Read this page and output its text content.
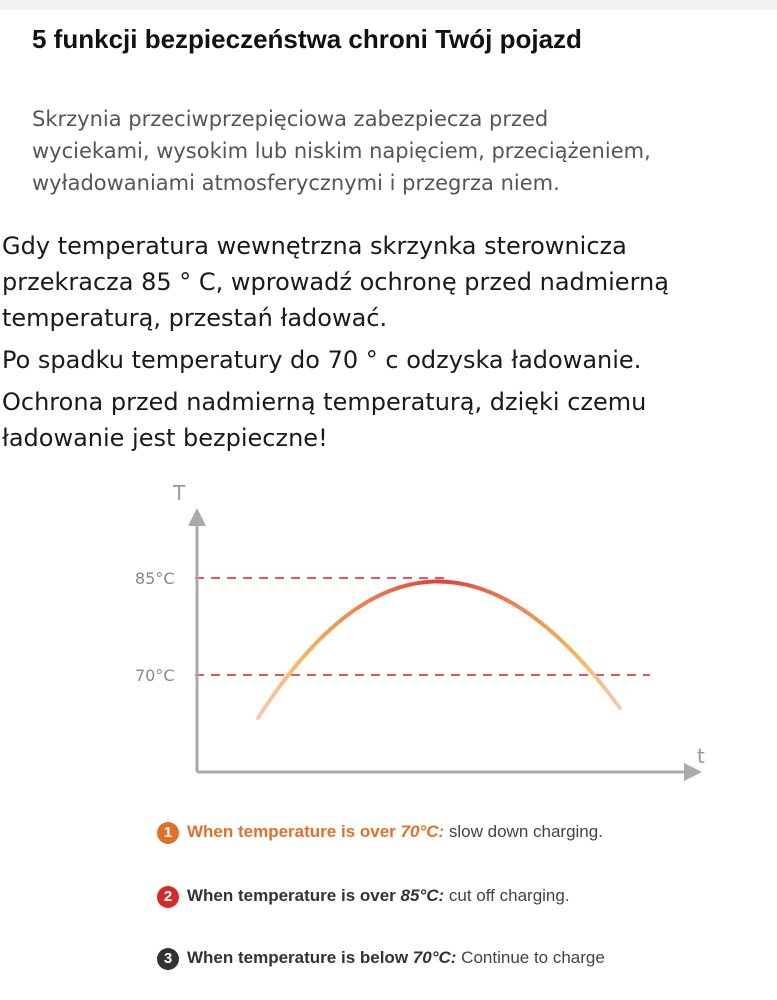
5 funkcji bezpieczeństwa chroni Twój pojazd
Skrzynia przeciwprzepięciowa zabezpiecza przed
wyciekami, wysokim lub niskim napięciem, przeciążeniem,
wyładowaniami atmosferycznymi i przegrza niem.
Gdy temperatura wewnętrzna skrzynka sterownicza
przekracza 85 ° C, wprowadź ochronę przed nadmierną
temperaturą, przestań ładować.
Po spadku temperatury do 70 ° c odzyska ładowanie.
Ochrona przed nadmierną temperaturą, dzięki czemu
ładowanie jest bezpieczne!
T
t
85°C
70°C
1 When temperature is over 70°C: slow down charging.
2 When temperature is over 85°C: cut off charging.
3 When temperature is below 70°C: Continue to charge
